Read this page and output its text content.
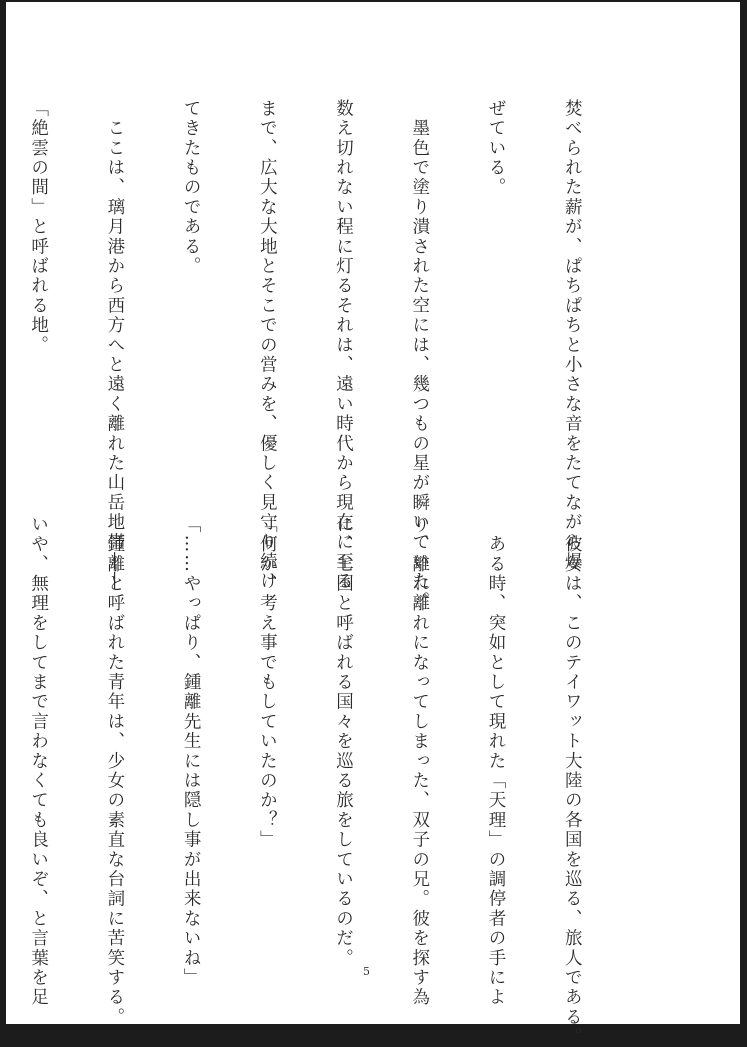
焚べられた薪が、ぱちぱちと小さな音をたてながら爆

ぜている。

　墨色で塗り潰された空には、幾つもの星が瞬いていた。

数え切れない程に灯るそれは、遠い時代から現在に至る

まで、広大な大地とそこでの営みを、優しく見守り続け

てきたものである。

　ここは、璃月港から西方へと遠く離れた山岳地帯――

「絶雲の間」と呼ばれる地。

　彼女は、このテイワット大陸の各国を巡る、旅人である。

　ある時、突如として現れた「天理」の調停者の手によ

り、離れ離れになってしまった、双子の兄。彼を探す為

に、七国と呼ばれる国々を巡る旅をしているのだ。

「何か、考え事でもしていたのか？」

「……やっぱり、鍾離先生には隠し事が出来ないね」

　鍾離と呼ばれた青年は、少女の素直な台詞に苦笑する。

いや、無理をしてまで言わなくても良いぞ、と言葉を足

	5
